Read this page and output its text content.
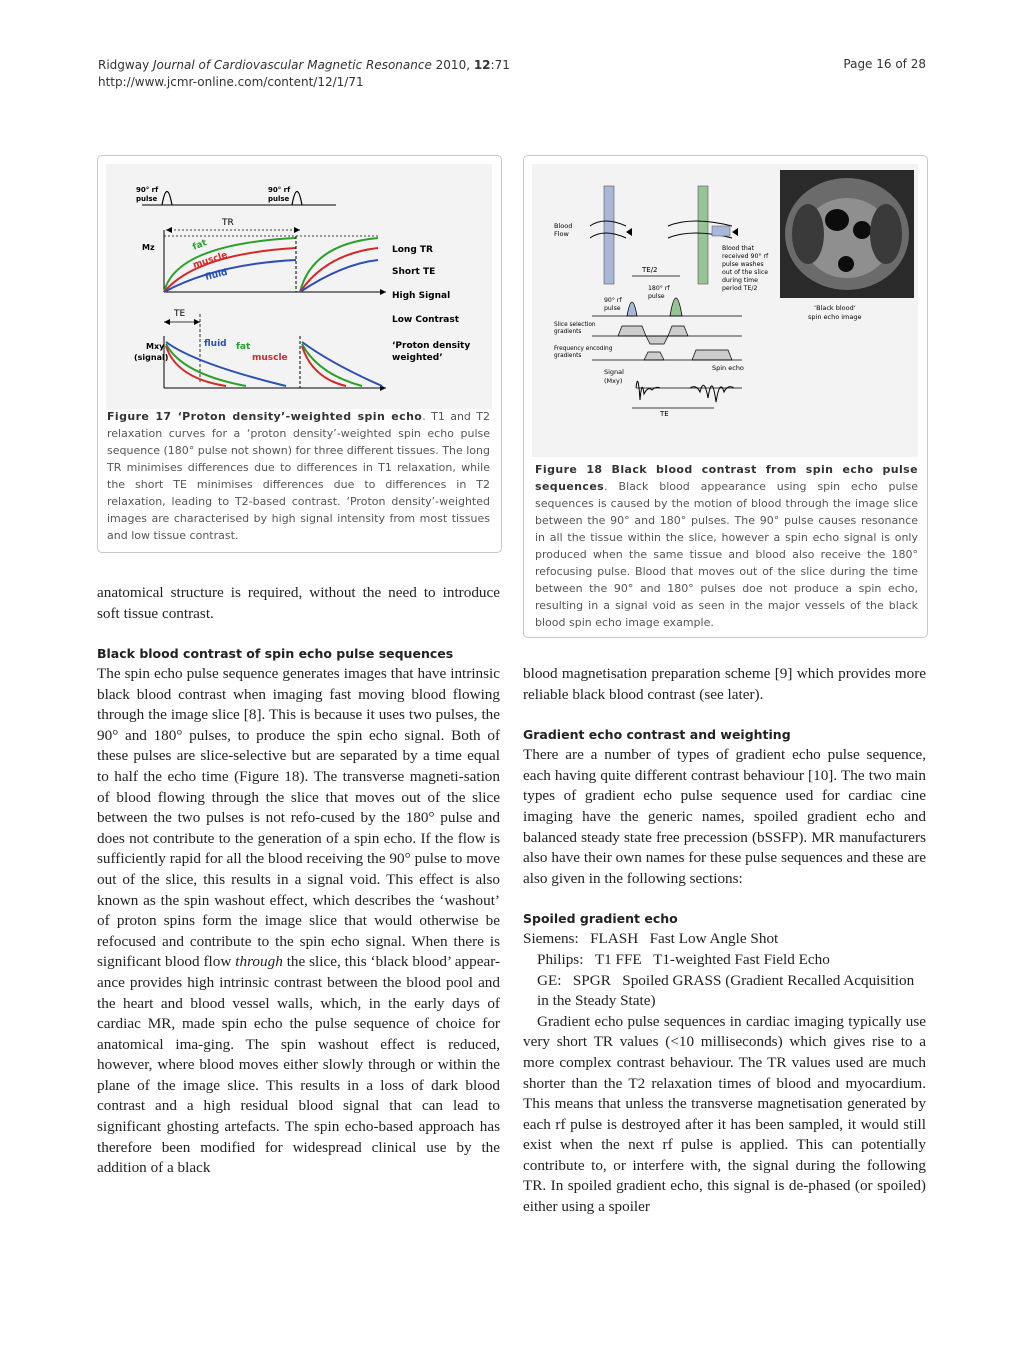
Ridgway Journal of Cardiovascular Magnetic Resonance 2010, 12:71
http://www.jcmr-online.com/content/12/1/71
Page 16 of 28
90° rf
pulse
90° rf
pulse
TR
Mz	fat
muscle
fluid
TE
Mxy
(signal)
fluid fat
muscle
Long TR
Short TE
High Signal
Low Contrast
‘Proton density
weighted’
Figure 17 ‘Proton density’-weighted spin echo. T1 and T2 relaxation curves for a ‘proton density’-weighted spin echo pulse sequence (180° pulse not shown) for three different tissues. The long TR minimises differences due to differences in T1 relaxation, while the short TE minimises differences due to differences in T2 relaxation, leading to T2-based contrast. ‘Proton density’-weighted images are characterised by high signal intensity from most tissues and low tissue contrast.
Blood
Flow
Blood that
received 90° rf
pulse washes
out of the slice
during time
period TE/2
TE/2
180° rf
pulse
90° rf
pulse
Slice selection
gradients
Frequency encoding
gradients
Signal
(Mxy)
Spin echo
TE
‘Black blood’
spin echo image
Figure 18 Black blood contrast from spin echo pulse sequences. Black blood appearance using spin echo pulse sequences is caused by the motion of blood through the image slice between the 90° and 180° pulses. The 90° pulse causes resonance in all the tissue within the slice, however a spin echo signal is only produced when the same tissue and blood also receive the 180° refocusing pulse. Blood that moves out of the slice during the time between the 90° and 180° pulses doe not produce a spin echo, resulting in a signal void as seen in the major vessels of the black blood spin echo image example.

anatomical structure is required, without the need to introduce soft tissue contrast.

Black blood contrast of spin echo pulse sequences

The spin echo pulse sequence generates images that have intrinsic black blood contrast when imaging fast moving blood flowing through the image slice [8]. This is because it uses two pulses, the 90° and 180° pulses, to produce the spin echo signal. Both of these pulses are slice-selective but are separated by a time equal to half the echo time (Figure 18). The transverse magneti-sation of blood flowing through the slice that moves out of the slice between the two pulses is not refo-cused by the 180° pulse and does not contribute to the generation of a spin echo. If the flow is sufficiently rapid for all the blood receiving the 90° pulse to move out of the slice, this results in a signal void. This effect is also known as the spin washout effect, which describes the ‘washout’ of proton spins form the image slice that would otherwise be refocused and contribute to the spin echo signal. When there is significant blood flow through the slice, this ‘black blood’ appear-ance provides high intrinsic contrast between the blood pool and the heart and blood vessel walls, which, in the early days of cardiac MR, made spin echo the pulse sequence of choice for anatomical ima-ging. The spin washout effect is reduced, however, where blood moves either slowly through or within the plane of the image slice. This results in a loss of dark blood contrast and a high residual blood signal that can lead to significant ghosting artefacts. The spin echo-based approach has therefore been modified for widespread clinical use by the addition of a black

blood magnetisation preparation scheme [9] which provides more reliable black blood contrast (see later).

Gradient echo contrast and weighting

There are a number of types of gradient echo pulse sequence, each having quite different contrast behaviour [10]. The two main types of gradient echo pulse sequence used for cardiac cine imaging have the generic names, spoiled gradient echo and balanced steady state free precession (bSSFP). MR manufacturers also have their own names for these pulse sequences and these are also given in the following sections:

Spoiled gradient echo
Siemens: FLASH Fast Low Angle Shot
Philips: T1 FFE T1-weighted Fast Field Echo
GE: SPGR Spoiled GRASS (Gradient Recalled Acquisition in the Steady State)

Gradient echo pulse sequences in cardiac imaging typically use very short TR values (<10 milliseconds) which gives rise to a more complex contrast behaviour. The TR values used are much shorter than the T2 relaxation times of blood and myocardium. This means that unless the transverse magnetisation generated by each rf pulse is destroyed after it has been sampled, it would still exist when the next rf pulse is applied. This can potentially contribute to, or interfere with, the signal during the following TR. In spoiled gradient echo, this signal is de-phased (or spoiled) either using a spoiler
